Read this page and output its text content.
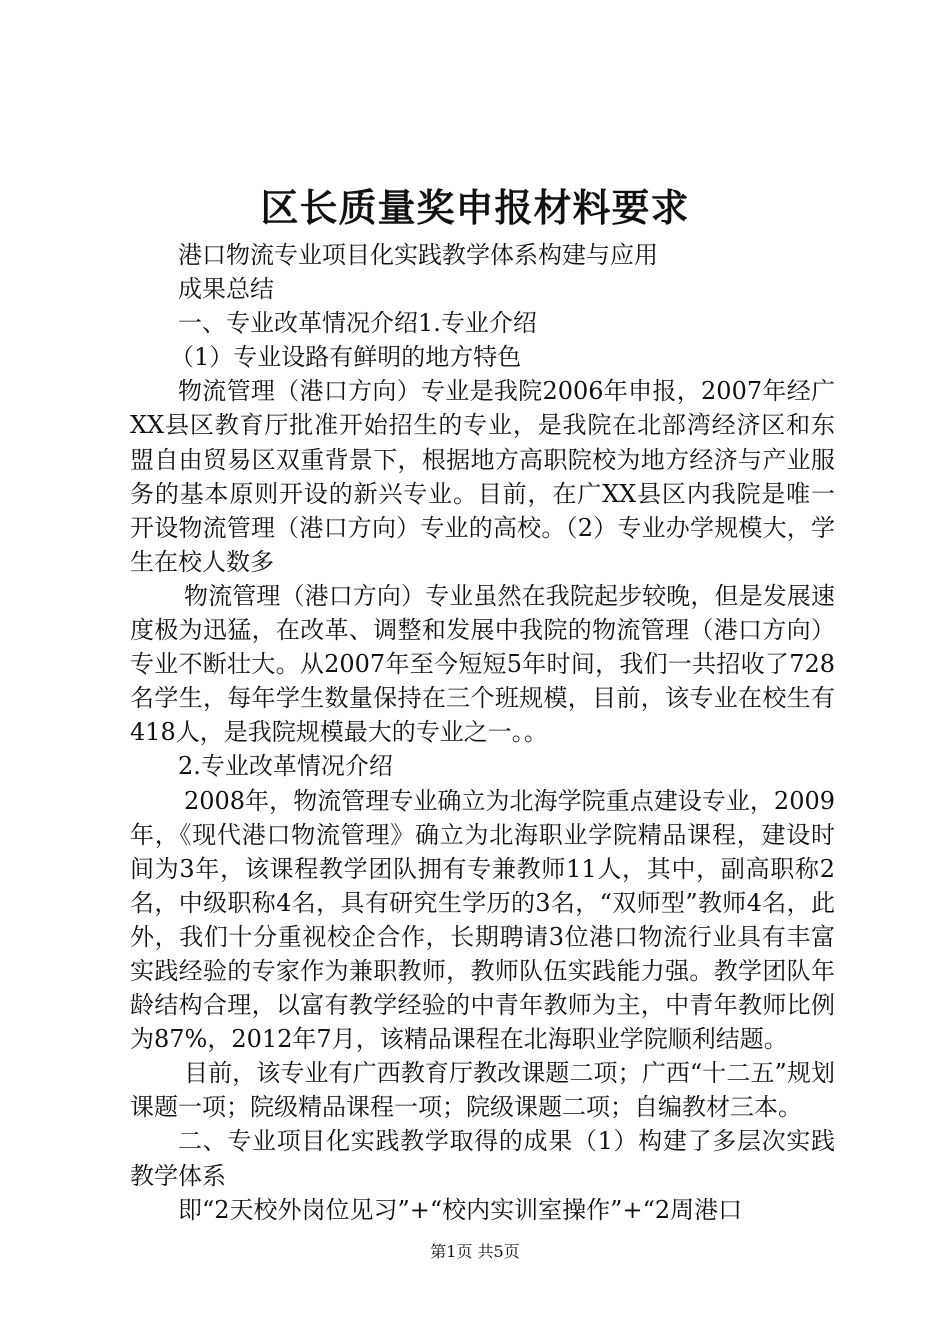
区长质量奖申报材料要求

港口物流专业项目化实践教学体系构建与应用

成果总结

一、专业改革情况介绍1.专业介绍

（1）专业设路有鲜明的地方特色

物流管理（港口方向）专业是我院2006年申报，2007年经广XX县区教育厅批准开始招生的专业，是我院在北部湾经济区和东盟自由贸易区双重背景下，根据地方高职院校为地方经济与产业服务的基本原则开设的新兴专业。目前，在广XX县区内我院是唯一开设物流管理（港口方向）专业的高校。（2）专业办学规模大，学生在校人数多

物流管理（港口方向）专业虽然在我院起步较晚，但是发展速度极为迅猛，在改革、调整和发展中我院的物流管理（港口方向）专业不断壮大。从2007年至今短短5年时间，我们一共招收了728名学生，每年学生数量保持在三个班规模，目前，该专业在校生有418人，是我院规模最大的专业之一。。

2.专业改革情况介绍

2008年，物流管理专业确立为北海学院重点建设专业，2009年，《现代港口物流管理》确立为北海职业学院精品课程，建设时间为3年，该课程教学团队拥有专兼教师11人，其中，副高职称2名，中级职称4名，具有研究生学历的3名，“双师型”教师4名，此外，我们十分重视校企合作，长期聘请3位港口物流行业具有丰富实践经验的专家作为兼职教师，教师队伍实践能力强。教学团队年龄结构合理，以富有教学经验的中青年教师为主，中青年教师比例为87%，2012年7月，该精品课程在北海职业学院顺利结题。

目前，该专业有广西教育厅教改课题二项；广西“十二五”规划课题一项；院级精品课程一项；院级课题二项；自编教材三本。

二、专业项目化实践教学取得的成果（1）构建了多层次实践教学体系

即“2天校外岗位见习”+“校内实训室操作”+“2周港口

第1页 共5页
